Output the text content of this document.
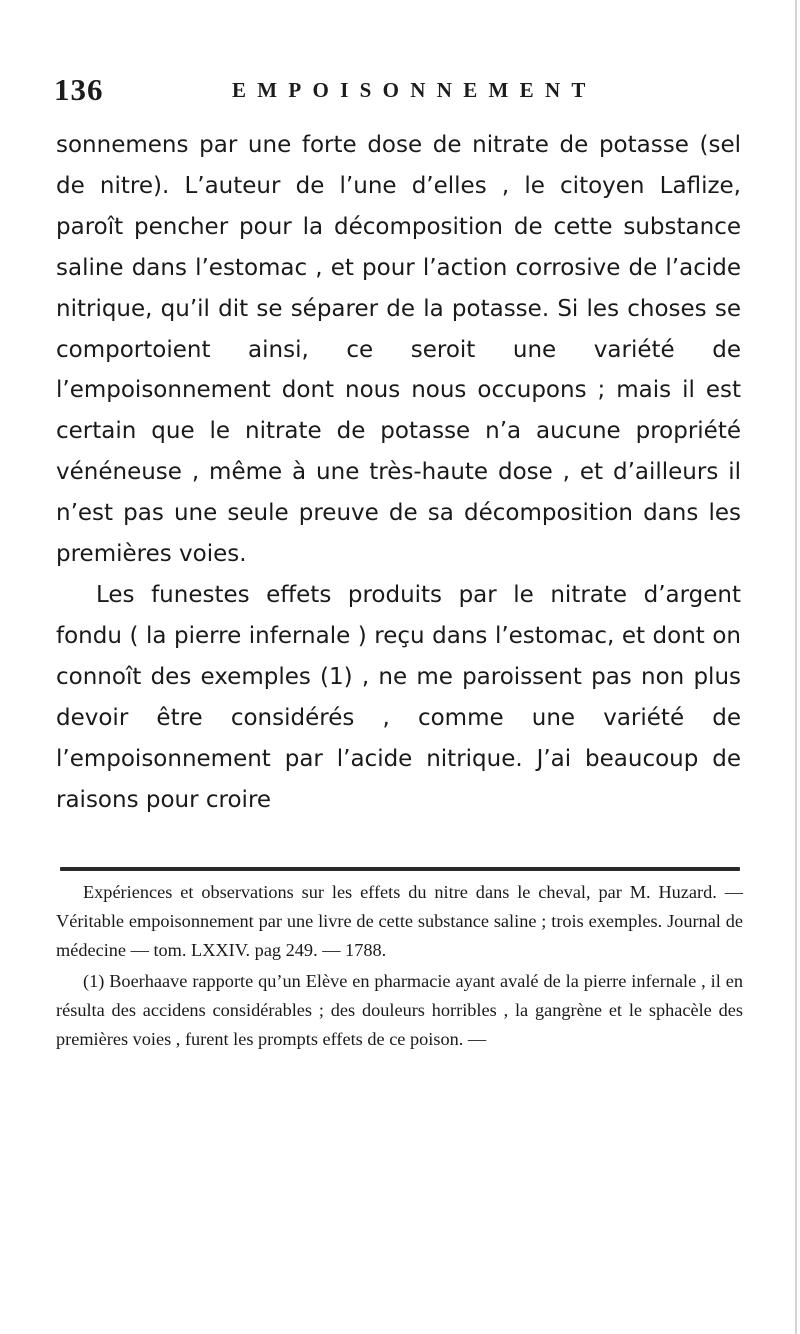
136	EMPOISONNEMENT

sonnemens par une forte dose de nitrate de potasse (sel de nitre). L’auteur de l’une d’elles , le citoyen Laflize, paroît pencher pour la décomposition de cette substance saline dans l’estomac , et pour l’action corrosive de l’acide nitrique, qu’il dit se séparer de la potasse. Si les choses se comportoient ainsi, ce seroit une variété de l’empoisonnement dont nous nous occupons ; mais il est certain que le nitrate de potasse n’a aucune propriété vénéneuse , même à une très-haute dose , et d’ailleurs il n’est pas une seule preuve de sa décomposition dans les premières voies.

Les funestes effets produits par le nitrate d’argent fondu ( la pierre infernale ) reçu dans l’estomac, et dont on connoît des exemples (1) , ne me paroissent pas non plus devoir être considérés , comme une variété de l’empoisonnement par l’acide nitrique. J’ai beaucoup de raisons pour croire

Expériences et observations sur les effets du nitre dans le cheval, par M. Huzard. — Véritable empoisonnement par une livre de cette substance saline ; trois exemples. Journal de médecine — tom. LXXIV. pag 249. — 1788.

(1) Boerhaave rapporte qu’un Elève en pharmacie ayant avalé de la pierre infernale , il en résulta des accidens considérables ; des douleurs horribles , la gangrène et le sphacèle des premières voies , furent les prompts effets de ce poison. —
